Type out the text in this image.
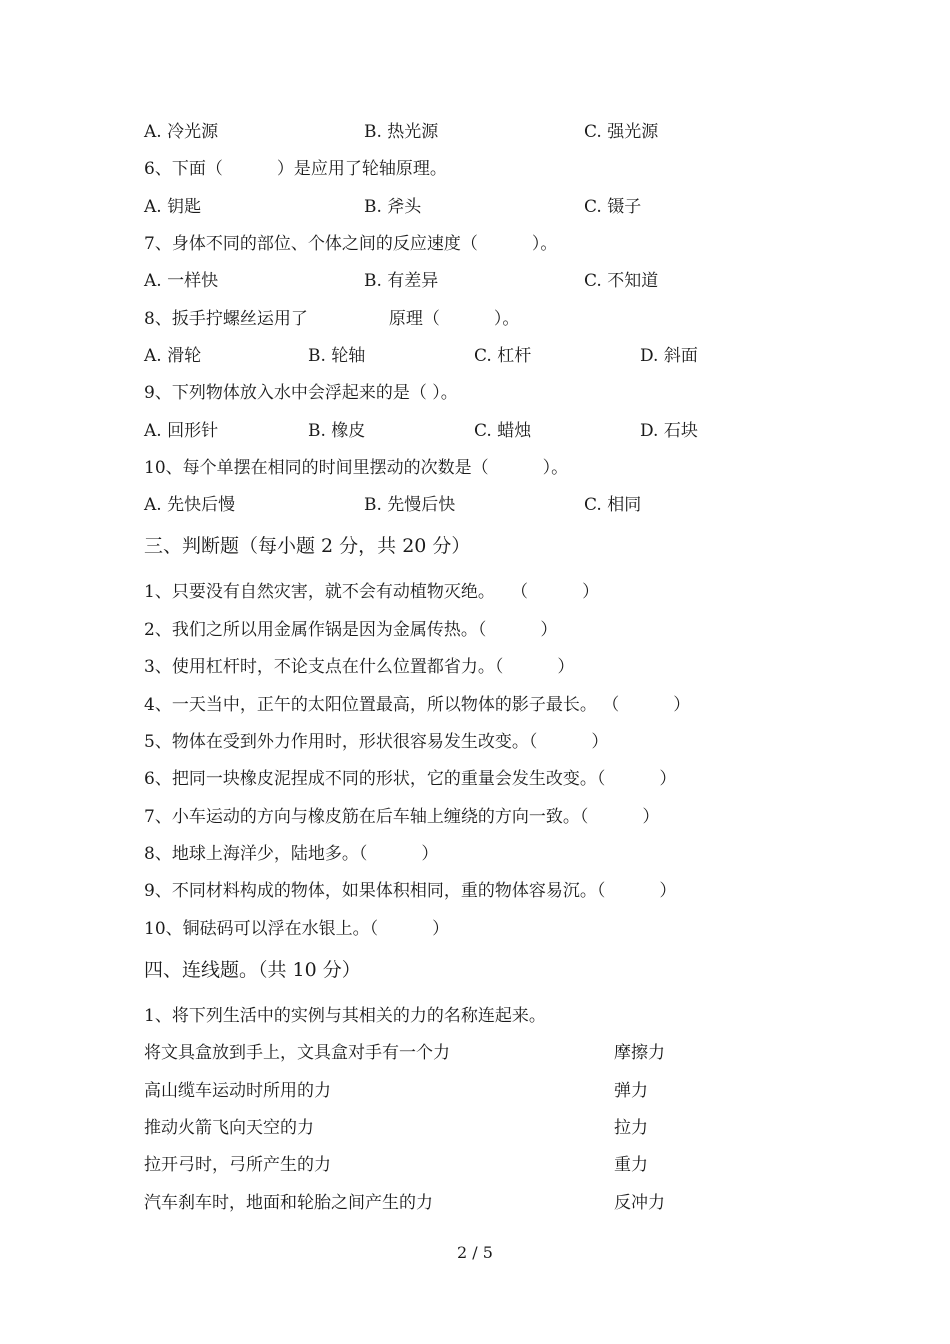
A. 冷光源	B. 热光源	C. 强光源
6、下面（          ）是应用了轮轴原理。
A. 钥匙	B. 斧头	C. 镊子
7、身体不同的部位、个体之间的反应速度（          ）。
A. 一样快	B. 有差异	C. 不知道
8、扳手拧螺丝运用了               原理（          ）。
A. 滑轮	B. 轮轴	C. 杠杆	D. 斜面
9、下列物体放入水中会浮起来的是（ ）。
A. 回形针	B. 橡皮	C. 蜡烛	D. 石块
10、每个单摆在相同的时间里摆动的次数是（          ）。
A. 先快后慢	B. 先慢后快	C. 相同
三、判断题（每小题 2 分，共 20 分）
1、只要没有自然灾害，就不会有动植物灭绝。   （          ）
2、我们之所以用金属作锅是因为金属传热。（          ）
3、使用杠杆时，不论支点在什么位置都省力。（          ）
4、一天当中，正午的太阳位置最高，所以物体的影子最长。 （          ）
5、物体在受到外力作用时，形状很容易发生改变。（          ）
6、把同一块橡皮泥捏成不同的形状，它的重量会发生改变。（          ）
7、小车运动的方向与橡皮筋在后车轴上缠绕的方向一致。（          ）
8、地球上海洋少，陆地多。（          ）
9、不同材料构成的物体，如果体积相同，重的物体容易沉。（          ）
10、铜砝码可以浮在水银上。（          ）
四、连线题。（共 10 分）
1、将下列生活中的实例与其相关的力的名称连起来。
将文具盒放到手上，文具盒对手有一个力	摩擦力
高山缆车运动时所用的力	弹力
推动火箭飞向天空的力	拉力
拉开弓时，弓所产生的力	重力
汽车刹车时，地面和轮胎之间产生的力	反冲力
2 / 5
